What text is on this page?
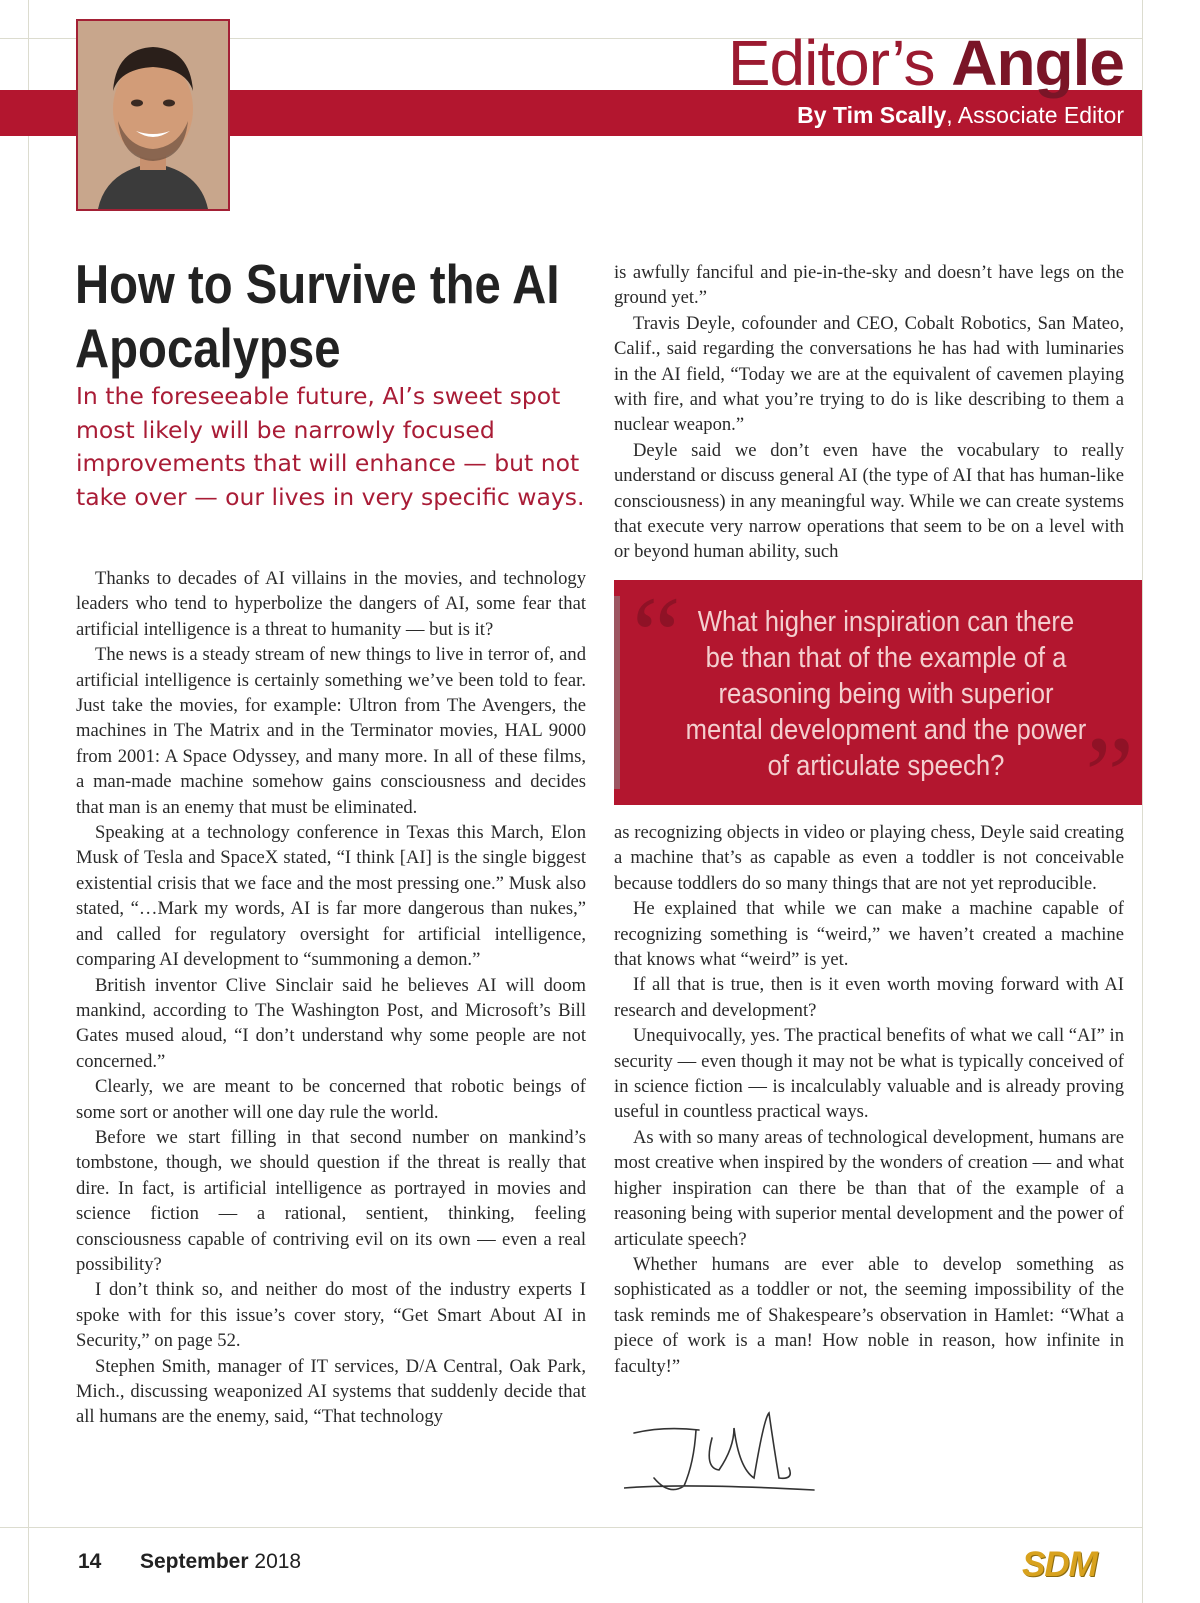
Editor’s Angle
By Tim Scally, Associate Editor
How to Survive the AI Apocalypse
In the foreseeable future, AI’s sweet spot most likely will be narrowly focused improvements that will enhance — but not take over — our lives in very specific ways.

Thanks to decades of AI villains in the movies, and technology leaders who tend to hyperbolize the dangers of AI, some fear that artificial intelligence is a threat to humanity — but is it?

The news is a steady stream of new things to live in terror of, and artificial intelligence is certainly something we’ve been told to fear. Just take the movies, for example: Ultron from The Avengers, the machines in The Matrix and in the Terminator movies, HAL 9000 from 2001: A Space Odyssey, and many more. In all of these films, a man-made machine somehow gains consciousness and decides that man is an enemy that must be eliminated.

Speaking at a technology conference in Texas this March, Elon Musk of Tesla and SpaceX stated, “I think [AI] is the single biggest existential crisis that we face and the most pressing one.” Musk also stated, “…Mark my words, AI is far more dangerous than nukes,” and called for regulatory oversight for artificial intelligence, comparing AI development to “summoning a demon.”

British inventor Clive Sinclair said he believes AI will doom mankind, according to The Washington Post, and Microsoft’s Bill Gates mused aloud, “I don’t understand why some people are not concerned.”

Clearly, we are meant to be concerned that robotic beings of some sort or another will one day rule the world.

Before we start filling in that second number on mankind’s tombstone, though, we should question if the threat is really that dire. In fact, is artificial intelligence as portrayed in movies and science fiction — a rational, sentient, thinking, feeling consciousness capable of contriving evil on its own — even a real possibility?

I don’t think so, and neither do most of the industry experts I spoke with for this issue’s cover story, “Get Smart About AI in Security,” on page 52.

Stephen Smith, manager of IT services, D/A Central, Oak Park, Mich., discussing weaponized AI systems that suddenly decide that all humans are the enemy, said, “That technology

is awfully fanciful and pie-in-the-sky and doesn’t have legs on the ground yet.”

Travis Deyle, cofounder and CEO, Cobalt Robotics, San Mateo, Calif., said regarding the conversations he has had with luminaries in the AI field, “Today we are at the equivalent of cavemen playing with fire, and what you’re trying to do is like describing to them a nuclear weapon.”

Deyle said we don’t even have the vocabulary to really understand or discuss general AI (the type of AI that has human-like consciousness) in any meaningful way. While we can create systems that execute very narrow operations that seem to be on a level with or beyond human ability, such

“ What higher inspiration can there be than that of the example of a reasoning being with superior mental development and the power of articulate speech? ”

as recognizing objects in video or playing chess, Deyle said creating a machine that’s as capable as even a toddler is not conceivable because toddlers do so many things that are not yet reproducible.

He explained that while we can make a machine capable of recognizing something is “weird,” we haven’t created a machine that knows what “weird” is yet.

If all that is true, then is it even worth moving forward with AI research and development?

Unequivocally, yes. The practical benefits of what we call “AI” in security — even though it may not be what is typically conceived of in science fiction — is incalculably valuable and is already proving useful in countless practical ways.

As with so many areas of technological development, humans are most creative when inspired by the wonders of creation — and what higher inspiration can there be than that of the example of a reasoning being with superior mental development and the power of articulate speech?

Whether humans are ever able to develop something as sophisticated as a toddler or not, the seeming impossibility of the task reminds me of Shakespeare’s observation in Hamlet: “What a piece of work is a man! How noble in reason, how infinite in faculty!”

14 September 2018	SDM
